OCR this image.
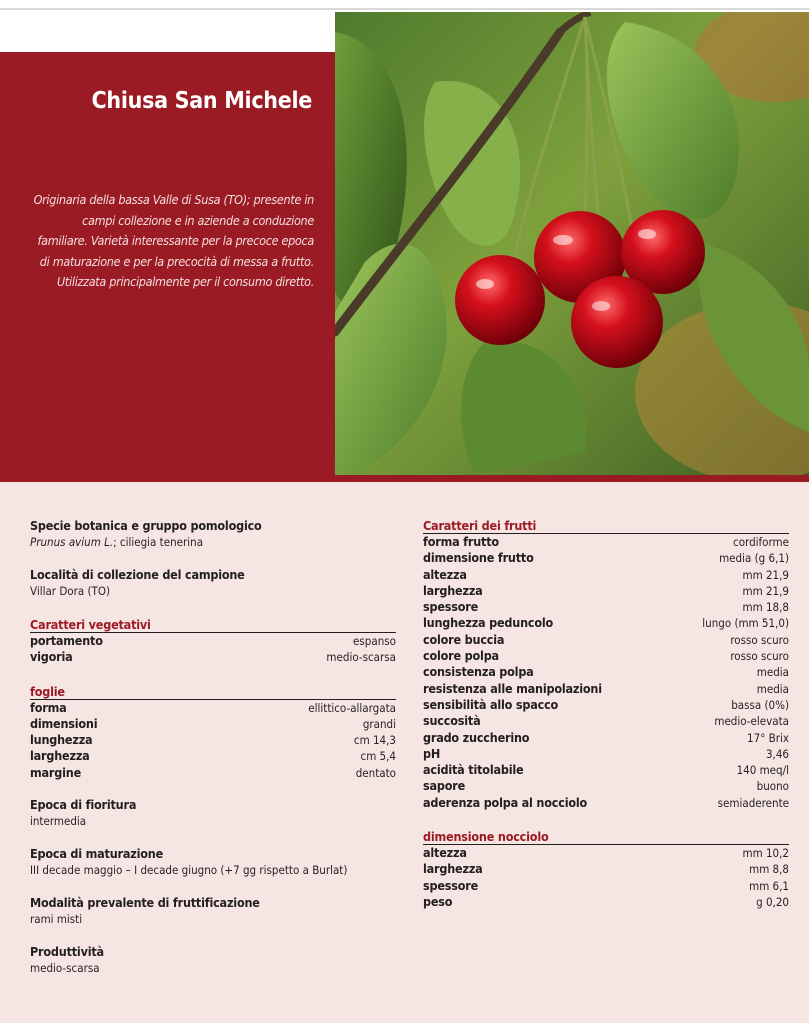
Chiusa San Michele
Originaria della bassa Valle di Susa (TO); presente in campi collezione e in aziende a conduzione familiare. Varietà interessante per la precoce epoca di maturazione e per la precocità di messa a frutto. Utilizzata principalmente per il consumo diretto.
Specie botanica e gruppo pomologico
Prunus avium L.; ciliegia tenerina
Località di collezione del campione
Villar Dora (TO)
Caratteri vegetativi
portamento	espanso
vigoria	medio-scarsa
foglie
forma	ellittico-allargata
dimensioni	grandi
lunghezza	cm 14,3
larghezza	cm 5,4
margine	dentato
Epoca di fioritura
intermedia
Epoca di maturazione
III decade maggio – I decade giugno (+7 gg rispetto a Burlat)
Modalità prevalente di fruttificazione
rami misti
Produttività
medio-scarsa
Caratteri dei frutti
forma frutto	cordiforme
dimensione frutto	media (g 6,1)
altezza	mm 21,9
larghezza	mm 21,9
spessore	mm 18,8
lunghezza peduncolo	lungo (mm 51,0)
colore buccia	rosso scuro
colore polpa	rosso scuro
consistenza polpa	media
resistenza alle manipolazioni	media
sensibilità allo spacco	bassa (0%)
succosità	medio-elevata
grado zuccherino	17° Brix
pH	3,46
acidità titolabile	140 meq/l
sapore	buono
aderenza polpa al nocciolo	semiaderente
dimensione nocciolo
altezza	mm 10,2
larghezza	mm 8,8
spessore	mm 6,1
peso	g 0,20
